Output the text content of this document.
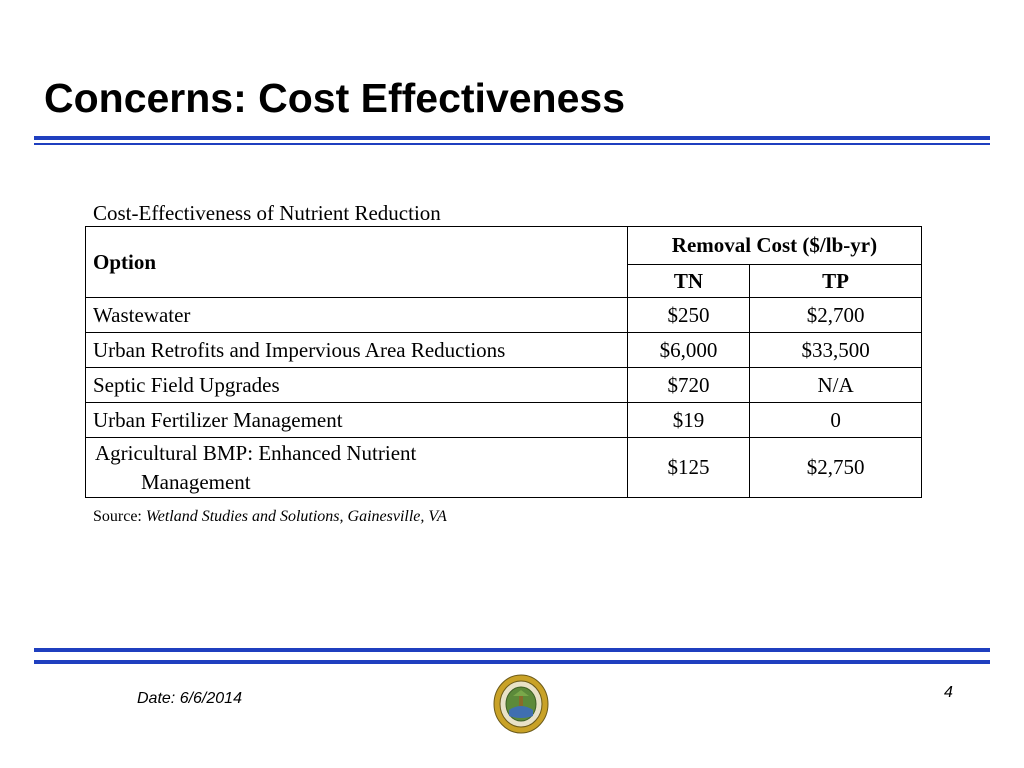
Concerns: Cost Effectiveness
Cost-Effectiveness of Nutrient Reduction
Option	Removal Cost ($/lb-yr)	
	TN	TP
Wastewater	$250	$2,700
Urban Retrofits and Impervious Area Reductions	$6,000	$33,500
Septic Field Upgrades	$720	N/A
Urban Fertilizer Management	$19	0

Agricultural BMP: Enhanced Nutrient
Management	$125	$2,750
Source: Wetland Studies and Solutions, Gainesville, VA
Date: 6/6/2014	4
